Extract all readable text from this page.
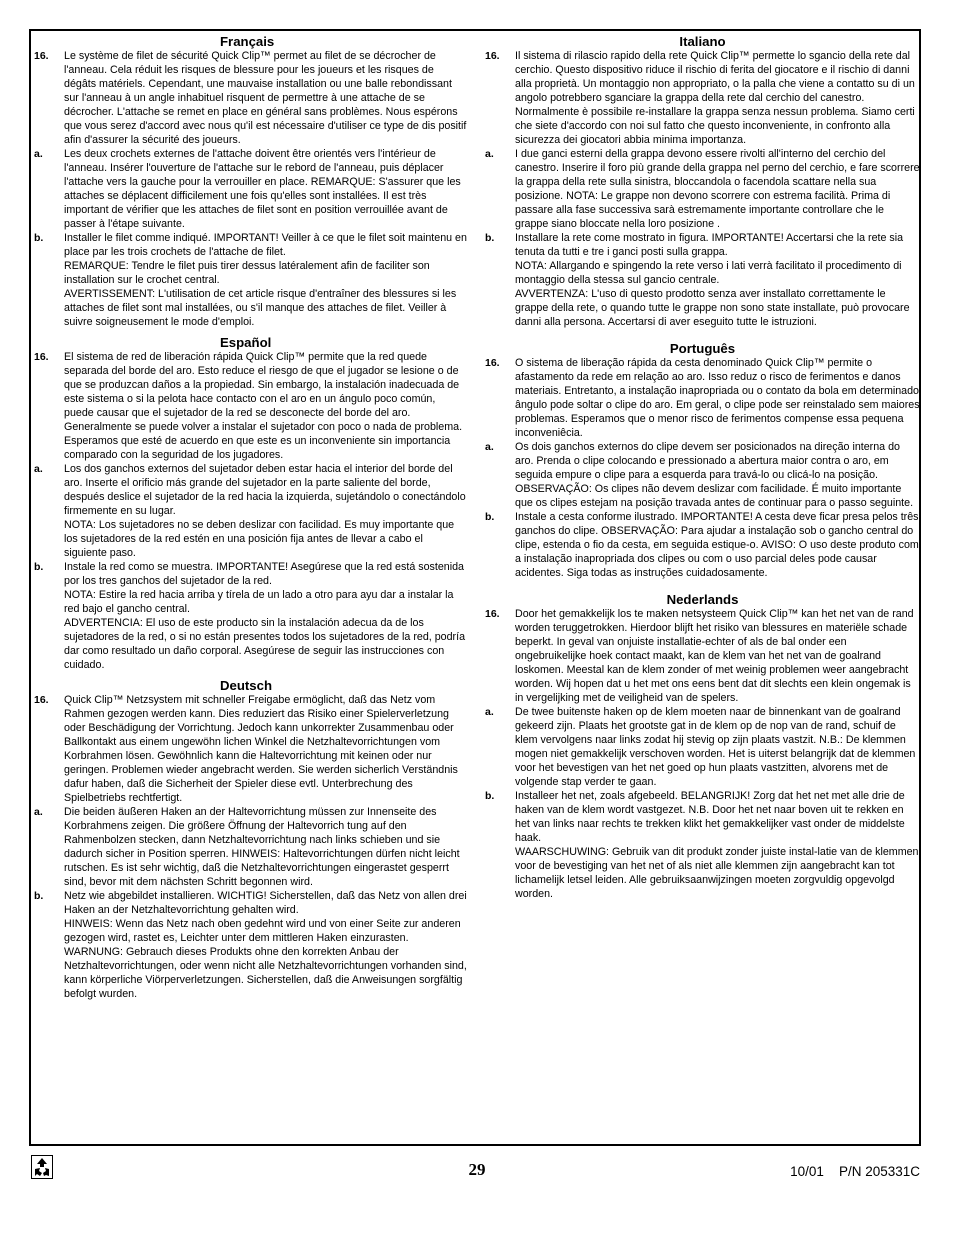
Français
16.	Le système de filet de sécurité Quick Clip™ permet au filet de se décrocher de l'anneau. Cela réduit les risques de blessure pour les joueurs et les risques de dégâts matériels. Cependant, une mauvaise installation ou une balle rebondissant sur l'anneau à un angle inhabituel risquent de permettre à une attache de se décrocher. L'attache se remet en place en général sans problèmes. Nous espérons que vous serez d'accord avec nous qu'il est nécessaire d'utiliser ce type de dis positif afin d'assurer la sécurité des joueurs.
a.	Les deux crochets externes de l'attache doivent être orientés vers l'intérieur de l'anneau. Insérer l'ouverture de l'attache sur le rebord de l'anneau, puis déplacer l'attache vers la gauche pour la verrouiller en place. REMARQUE: S'assurer que les attaches se déplacent difficilement une fois qu'elles sont installées. Il est très important de vérifier que les attaches de filet sont en position verrouillée avant de passer à l'étape suivante.
b.	Installer le filet comme indiqué. IMPORTANT! Veiller à ce que le filet soit maintenu en place par les trois crochets de l'attache de filet.
REMARQUE: Tendre le filet puis tirer dessus latéralement afin de faciliter son installation sur le crochet central.
AVERTISSEMENT: L'utilisation de cet article risque d'entraîner des blessures si les attaches de filet sont mal installées, ou s'il manque des attaches de filet. Veiller à suivre soigneusement le mode d'emploi.
Español
16.	El sistema de red de liberación rápida Quick Clip™ permite que la red quede separada del borde del aro. Esto reduce el riesgo de que el jugador se lesione o de que se produzcan daños a la propiedad. Sin embargo, la instalación inadecuada de este sistema o si la pelota hace contacto con el aro en un ángulo poco común, puede causar que el sujetador de la red se desconecte del borde del aro. Generalmente se puede volver a instalar el sujetador con poco o nada de problema. Esperamos que esté de acuerdo en que este es un inconveniente sin importancia comparado con la seguridad de los jugadores.
a.	Los dos ganchos externos del sujetador deben estar hacia el interior del borde del aro. Inserte el orificio más grande del sujetador en la parte saliente del borde, después deslice el sujetador de la red hacia la izquierda, sujetándolo o conectándolo firmemente en su lugar.
NOTA: Los sujetadores no se deben deslizar con facilidad. Es muy importante que los sujetadores de la red estén en una posición fija antes de llevar a cabo el siguiente paso.
b.	Instale la red como se muestra. IMPORTANTE! Asegúrese que la red está sostenida por los tres ganchos del sujetador de la red.
NOTA: Estire la red hacia arriba y tírela de un lado a otro para ayu dar a instalar la red bajo el gancho central.
ADVERTENCIA: El uso de este producto sin la instalación adecua da de los sujetadores de la red, o si no están presentes todos los sujetadores de la red, podría dar como resultado un daño corporal. Asegúrese de seguir las instrucciones con cuidado.
Deutsch
16.	Quick Clip™ Netzsystem mit schneller Freigabe ermöglicht, daß das Netz vom Rahmen gezogen werden kann. Dies reduziert das Risiko einer Spielerverletzung oder Beschädigung der Vorrichtung. Jedoch kann unkorrekter Zusammenbau oder Ballkontakt aus einem ungewöhn lichen Winkel die Netzhaltevorrichtungen vom Korbrahmen lösen. Gewöhnlich kann die Haltevorrichtung mit keinen oder nur geringen. Problemen wieder angebracht werden. Sie werden sicherlich Verständnis dafur haben, daß die Sicherheit der Spieler diese evtl. Unterbrechung des Spielbetriebs rechtfertigt.
a.	Die beiden äußeren Haken an der Haltevorrichtung müssen zur Innenseite des Korbrahmens zeigen. Die größere Öffnung der Haltevorrich tung auf den Rahmenbolzen stecken, dann Netzhaltevorrichtung nach links schieben und sie dadurch sicher in Position sperren. HINWEIS: Haltevorrichtungen dürfen nicht leicht rutschen. Es ist sehr wichtig, daß die Netzhaltevorrichtungen eingerastet gesperrt sind, bevor mit dem nächsten Schritt begonnen wird.
b.	Netz wie abgebildet installieren. WICHTIG! Sicherstellen, daß das Netz von allen drei Haken an der Netzhaltevorrichtung gehalten wird.
HINWEIS: Wenn das Netz nach oben gedehnt wird und von einer Seite zur anderen gezogen wird, rastet es, Leichter unter dem mittleren Haken einzurasten. WARNUNG: Gebrauch dieses Produkts ohne den korrekten Anbau der Netzhaltevorrichtungen, oder wenn nicht alle Netzhaltevorrichtungen vorhanden sind, kann körperliche Viörperverletzungen. Sicherstellen, daß die Anweisungen sorgfältig befolgt wurden.
Italiano
16.	Il sistema di rilascio rapido della rete Quick Clip™ permette lo sgancio della rete dal cerchio. Questo dispositivo riduce il rischio di ferita del giocatore e il rischio di danni alla proprietà. Un montaggio non appropriato, o la palla che viene a contatto su di un angolo potrebbero sganciare la grappa della rete dal cerchio del canestro. Normalmente è possibile re-installare la grappa senza nessun problema. Siamo certi che siete d'accordo con noi sul fatto che questo inconveniente, in confronto alla sicurezza dei giocatori abbia minima importanza.
a.	I due ganci esterni della grappa devono essere rivolti all'interno del cerchio del canestro. Inserire il foro più grande della grappa nel perno del cerchio, e fare scorrere la grappa della rete sulla sinistra, bloccandola o facendola scattare nella sua posizione. NOTA: Le grappe non devono scorrere con estrema facilità. Prima di passare alla fase successiva sarà estremamente importante controllare che le grappe siano bloccate nella loro posizione .
b.	Installare la rete come mostrato in figura. IMPORTANTE! Accertarsi che la rete sia tenuta da tutti e tre i ganci posti sulla grappa.
NOTA: Allargando e spingendo la rete verso i lati verrà facilitato il procedimento di montaggio della stessa sul gancio centrale.
AVVERTENZA: L'uso di questo prodotto senza aver installato correttamente le grappe della rete, o quando tutte le grappe non sono state installate, può provocare danni alla persona. Accertarsi di aver eseguito tutte le istruzioni.
Português
16.	O sistema de liberação rápida da cesta denominado Quick Clip™ permite o afastamento da rede em relação ao aro. Isso reduz o risco de ferimentos e danos materiais. Entretanto, a instalação inapropriada ou o contato da bola em determinado ângulo pode soltar o clipe do aro. Em geral, o clipe pode ser reinstalado sem maiores problemas. Esperamos que o menor risco de ferimentos compense essa pequena inconveniêcia.
a.	Os dois ganchos externos do clipe devem ser posicionados na direção interna do aro. Prenda o clipe colocando e pressionado a abertura maior contra o aro, em seguida empure o clipe para a esquerda para travá-lo ou clicá-lo na posição. OBSERVAÇÃO: Os clipes não devem deslizar com facilidade. É muito importante que os clipes estejam na posição travada antes de continuar para o passo seguinte.
b.	Instale a cesta conforme ilustrado. IMPORTANTE! A cesta deve ficar presa pelos três ganchos do clipe. OBSERVAÇÃO: Para ajudar a instalação sob o gancho central do clipe, estenda o fio da cesta, em seguida estique-o. AVISO: O uso deste produto com a instalação inapropriada dos clipes ou com o uso parcial deles pode causar acidentes. Siga todas as instruções cuidadosamente.
Nederlands
16.	Door het gemakkelijk los te maken netsysteem Quick Clip™ kan het net van de rand worden teruggetrokken. Hierdoor blijft het risiko van blessures en materiële schade beperkt. In geval van onjuiste installatie-echter of als de bal onder een ongebruikelijke hoek contact maakt, kan de klem van het net van de goalrand loskomen. Meestal kan de klem zonder of met weinig problemen weer aangebracht worden. Wij hopen dat u het met ons eens bent dat dit slechts een klein ongemak is in vergelijking met de veiligheid van de spelers.
a.	De twee buitenste haken op de klem moeten naar de binnenkant van de goalrand gekeerd zijn. Plaats het grootste gat in de klem op de nop van de rand, schuif de klem vervolgens naar links zodat hij stevig op zijn plaats vastzit. N.B.: De klemmen mogen niet gemakkelijk verschoven worden. Het is uiterst belangrijk dat de klemmen voor het bevestigen van het net goed op hun plaats vastzitten, alvorens met de volgende stap verder te gaan.
b.	Installeer het net, zoals afgebeeld. BELANGRIJK! Zorg dat het net met alle drie de haken van de klem wordt vastgezet. N.B. Door het net naar boven uit te rekken en het van links naar rechts te trekken klikt het gemakkelijker vast onder de middelste haak.
WAARSCHUWING: Gebruik van dit produkt zonder juiste instal-latie van de klemmen voor de bevestiging van het net of als niet alle klemmen zijn aangebracht kan tot lichamelijk letsel leiden. Alle gebruiksaanwijzingen moeten zorgvuldig opgevolgd worden.
29	10/01    P/N 205331C
